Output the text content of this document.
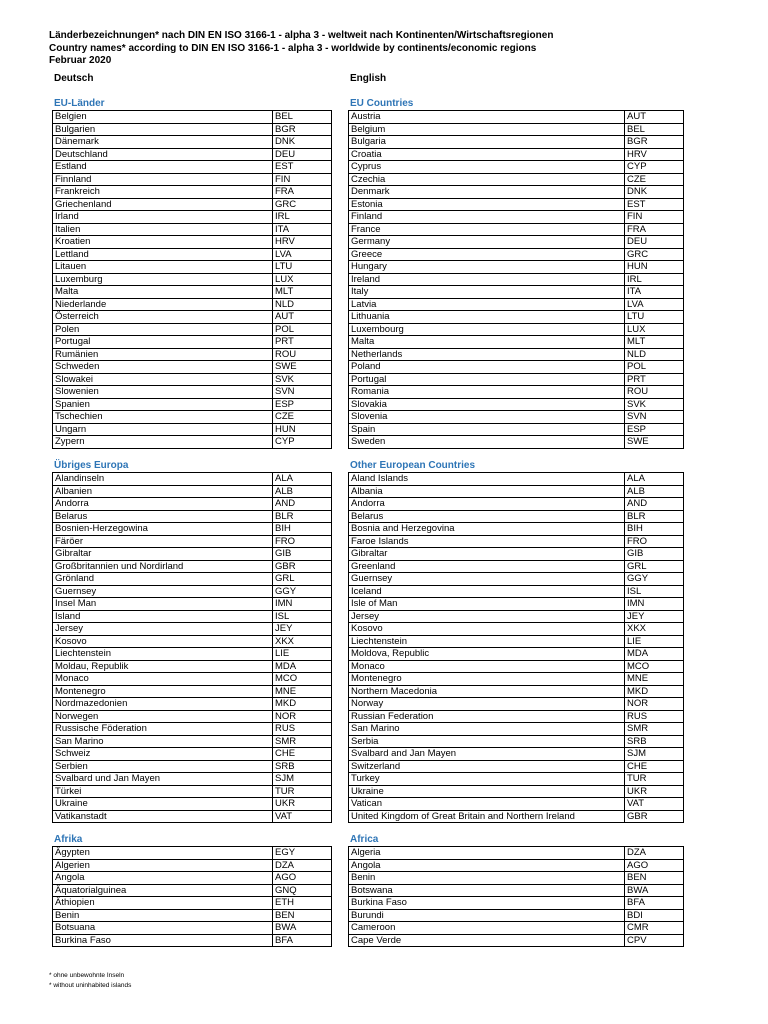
Länderbezeichnungen* nach DIN EN ISO 3166-1 - alpha 3 - weltweit nach Kontinenten/Wirtschaftsregionen
Country names* according to DIN EN ISO 3166-1 - alpha 3 - worldwide by continents/economic regions
Februar 2020
Deutsch	English
EU-Länder
Belgien	BEL
Bulgarien	BGR
Dänemark	DNK
Deutschland	DEU
Estland	EST
Finnland	FIN
Frankreich	FRA
Griechenland	GRC
Irland	IRL
Italien	ITA
Kroatien	HRV
Lettland	LVA
Litauen	LTU
Luxemburg	LUX
Malta	MLT
Niederlande	NLD
Österreich	AUT
Polen	POL
Portugal	PRT
Rumänien	ROU
Schweden	SWE
Slowakei	SVK
Slowenien	SVN
Spanien	ESP
Tschechien	CZE
Ungarn	HUN
Zypern	CYP
Übriges Europa
Alandinseln	ALA
Albanien	ALB
Andorra	AND
Belarus	BLR
Bosnien-Herzegowina	BIH
Färöer	FRO
Gibraltar	GIB
Großbritannien und Nordirland	GBR
Grönland	GRL
Guernsey	GGY
Insel Man	IMN
Island	ISL
Jersey	JEY
Kosovo	XKX
Liechtenstein	LIE
Moldau, Republik	MDA
Monaco	MCO
Montenegro	MNE
Nordmazedonien	MKD
Norwegen	NOR
Russische Föderation	RUS
San Marino	SMR
Schweiz	CHE
Serbien	SRB
Svalbard und Jan Mayen	SJM
Türkei	TUR
Ukraine	UKR
Vatikanstadt	VAT
Afrika
Ägypten	EGY
Algerien	DZA
Angola	AGO
Äquatorialguinea	GNQ
Äthiopien	ETH
Benin	BEN
Botsuana	BWA
Burkina Faso	BFA
EU Countries
Austria	AUT
Belgium	BEL
Bulgaria	BGR
Croatia	HRV
Cyprus	CYP
Czechia	CZE
Denmark	DNK
Estonia	EST
Finland	FIN
France	FRA
Germany	DEU
Greece	GRC
Hungary	HUN
Ireland	IRL
Italy	ITA
Latvia	LVA
Lithuania	LTU
Luxembourg	LUX
Malta	MLT
Netherlands	NLD
Poland	POL
Portugal	PRT
Romania	ROU
Slovakia	SVK
Slovenia	SVN
Spain	ESP
Sweden	SWE
Other European Countries
Aland Islands	ALA
Albania	ALB
Andorra	AND
Belarus	BLR
Bosnia and Herzegovina	BIH
Faroe Islands	FRO
Gibraltar	GIB
Greenland	GRL
Guernsey	GGY
Iceland	ISL
Isle of Man	IMN
Jersey	JEY
Kosovo	XKX
Liechtenstein	LIE
Moldova, Republic	MDA
Monaco	MCO
Montenegro	MNE
Northern Macedonia	MKD
Norway	NOR
Russian Federation	RUS
San Marino	SMR
Serbia	SRB
Svalbard and Jan Mayen	SJM
Switzerland	CHE
Turkey	TUR
Ukraine	UKR
Vatican	VAT
United Kingdom of Great Britain and Northern Ireland	GBR
Africa
Algeria	DZA
Angola	AGO
Benin	BEN
Botswana	BWA
Burkina Faso	BFA
Burundi	BDI
Cameroon	CMR
Cape Verde	CPV
* ohne unbewohnte Inseln
* without uninhabited islands
